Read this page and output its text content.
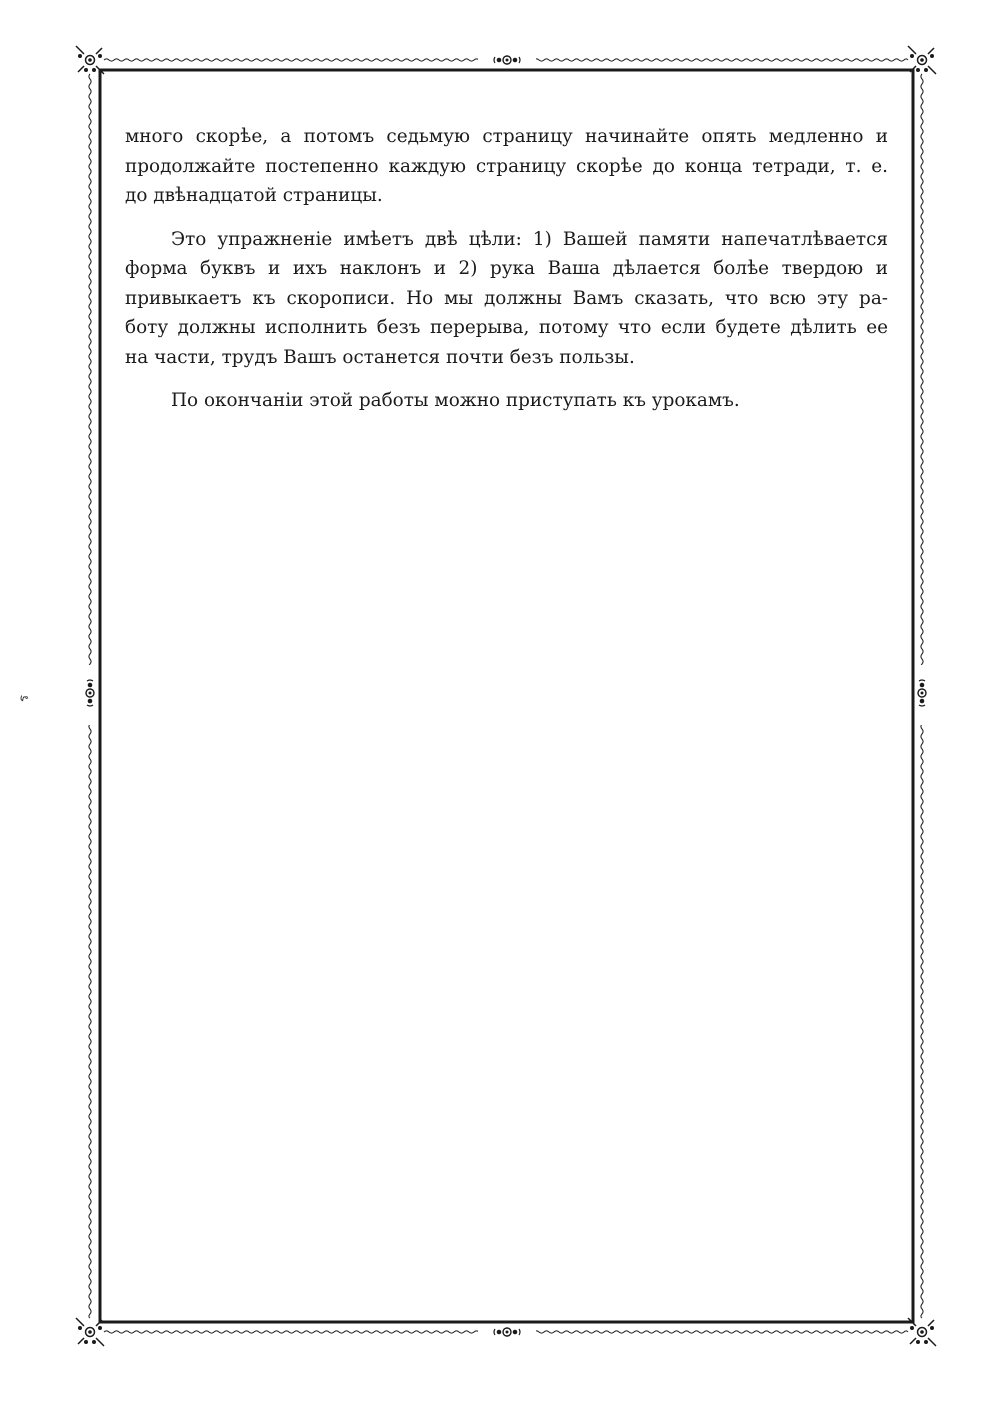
много скорѣе, а потомъ седьмую страницу начинайте опять медленно и
продолжайте постепенно каждую страницу скорѣе до конца тетради, т. е.
до двѣнадцатой страницы.

Это упражненіе имѣетъ двѣ цѣли: 1) Вашей памяти напечатлѣвается
форма буквъ и ихъ наклонъ и 2) рука Ваша дѣлается болѣе твердою и
привыкаетъ къ скорописи. Но мы должны Вамъ сказать, что всю эту ра-
боту должны исполнить безъ перерыва, потому что если будете дѣлить ее
на части, трудъ Вашъ останется почти безъ пользы.

По окончаніи этой работы можно приступать къ урокамъ.

ร
